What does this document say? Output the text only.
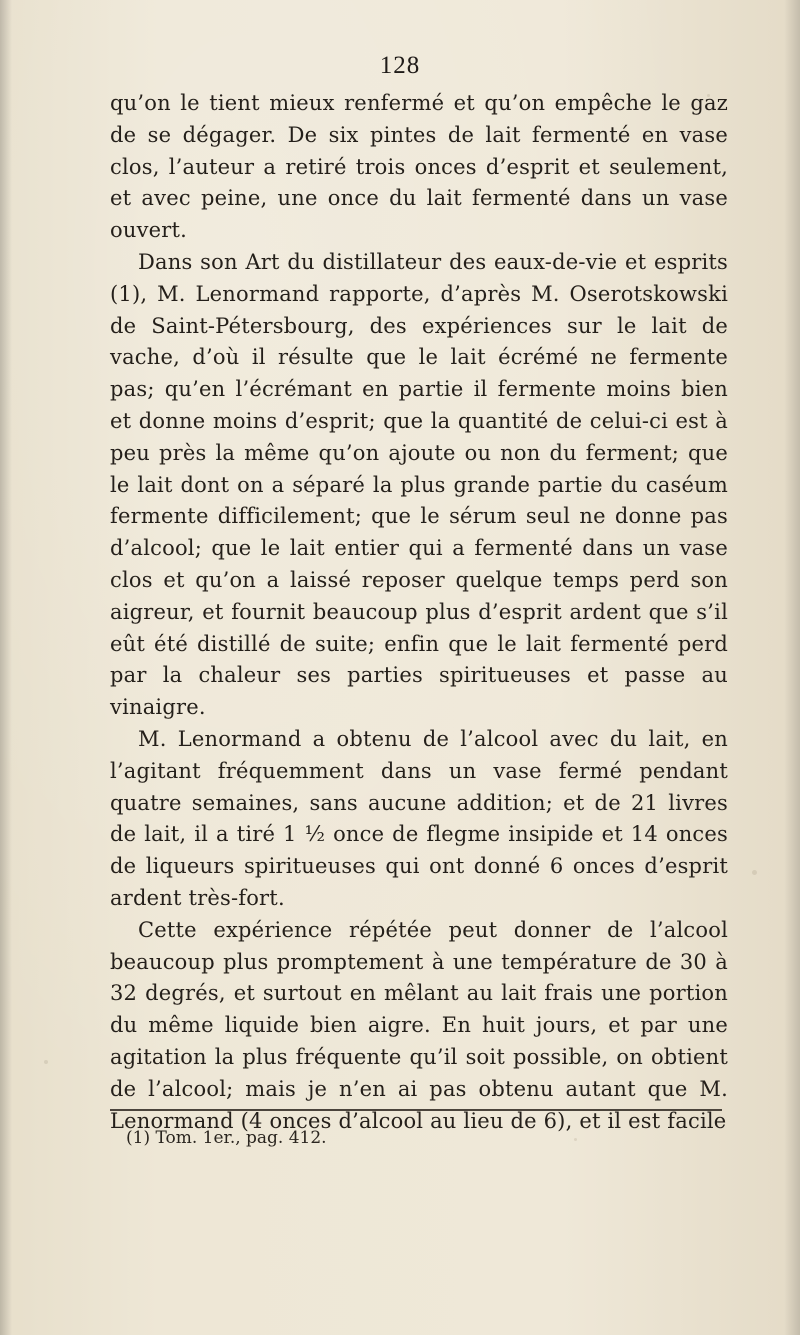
128

qu’on le tient mieux renfermé et qu’on empêche le gaz de se dégager. De six pintes de lait fermenté en vase clos, l’auteur a retiré trois onces d’esprit et seulement, et avec peine, une once du lait fermenté dans un vase ouvert.

Dans son Art du distillateur des eaux-de-vie et esprits (1), M. Lenormand rapporte, d’après M. Oserotskowski de Saint-Pétersbourg, des expériences sur le lait de vache, d’où il résulte que le lait écrémé ne fermente pas; qu’en l’écrémant en partie il fermente moins bien et donne moins d’esprit; que la quantité de celui-ci est à peu près la même qu’on ajoute ou non du ferment; que le lait dont on a séparé la plus grande partie du caséum fermente difficilement; que le sérum seul ne donne pas d’alcool; que le lait entier qui a fermenté dans un vase clos et qu’on a laissé reposer quelque temps perd son aigreur, et fournit beaucoup plus d’esprit ardent que s’il eût été distillé de suite; enfin que le lait fermenté perd par la chaleur ses parties spiritueuses et passe au vinaigre.

M. Lenormand a obtenu de l’alcool avec du lait, en l’agitant fréquemment dans un vase fermé pendant quatre semaines, sans aucune addition; et de 21 livres de lait, il a tiré 1 ½ once de flegme insipide et 14 onces de liqueurs spiritueuses qui ont donné 6 onces d’esprit ardent très-fort.

Cette expérience répétée peut donner de l’alcool beaucoup plus promptement à une température de 30 à 32 degrés, et surtout en mêlant au lait frais une portion du même liquide bien aigre. En huit jours, et par une agitation la plus fréquente qu’il soit possible, on obtient de l’alcool; mais je n’en ai pas obtenu autant que M. Lenormand (4 onces d’alcool au lieu de 6), et il est facile

(1) Tom. 1er., pag. 412.
